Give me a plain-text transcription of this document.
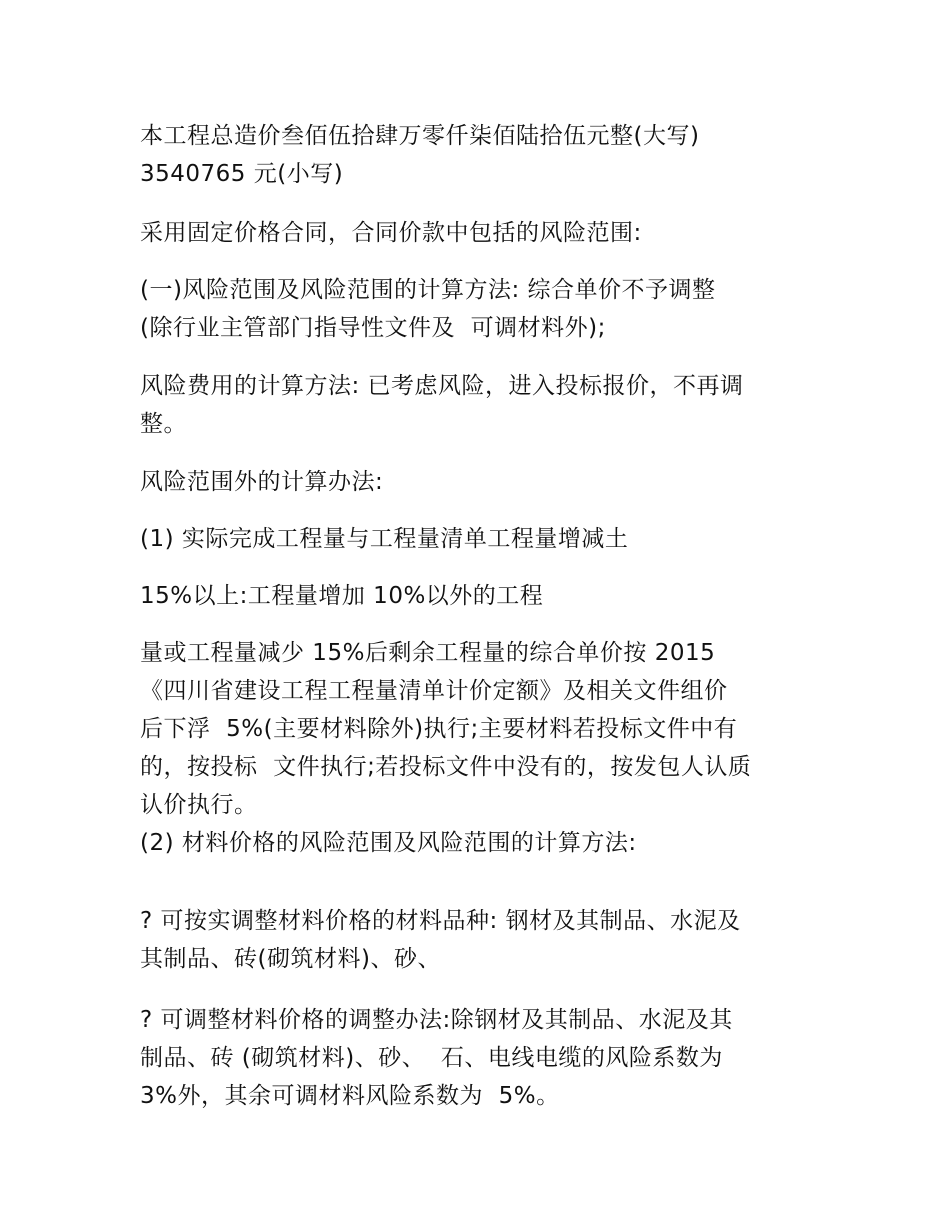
本工程总造价叁佰伍拾肆万零仟柒佰陆拾伍元整(大写)
3540765 元(小写)
采用固定价格合同，合同价款中包括的风险范围:
(一)风险范围及风险范围的计算方法: 综合单价不予调整
(除行业主管部门指导性文件及  可调材料外);
风险费用的计算方法: 已考虑风险，进入投标报价，不再调
整。
风险范围外的计算办法:
(1) 实际完成工程量与工程量清单工程量增减土
15%以上:工程量增加 10%以外的工程
量或工程量减少 15%后剩余工程量的综合单价按 2015
《四川省建设工程工程量清单计价定额》及相关文件组价
后下浮  5%(主要材料除外)执行;主要材料若投标文件中有
的，按投标  文件执行;若投标文件中没有的，按发包人认质
认价执行。
(2) 材料价格的风险范围及风险范围的计算方法:
? 可按实调整材料价格的材料品种: 钢材及其制品、水泥及
其制品、砖(砌筑材料)、砂、
? 可调整材料价格的调整办法:除钢材及其制品、水泥及其
制品、砖 (砌筑材料)、砂、  石、电线电缆的风险系数为
3%外，其余可调材料风险系数为  5%。
